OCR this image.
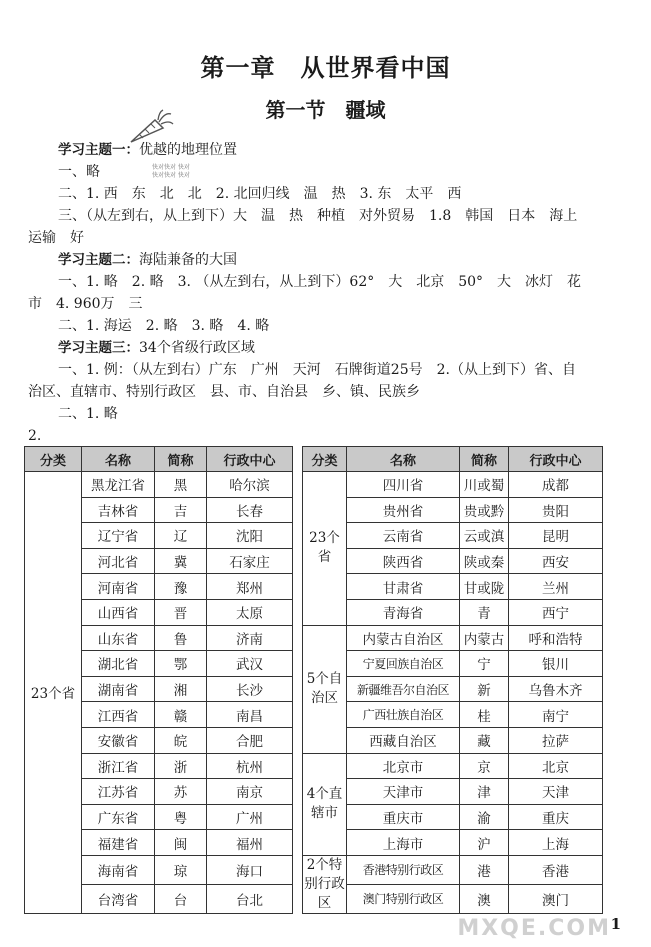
第一章　从世界看中国
第一节　疆域
快对快对 快对
快对快对 快对
学习主题一：优越的地理位置
一、略
二、1. 西　东　北　北　2. 北回归线　温　热　3. 东　太平　西
三、（从左到右，从上到下）大　温　热　种植　对外贸易　1.8　韩国　日本　海上
运输　好
学习主题二：海陆兼备的大国
一、1. 略　2. 略　3. （从左到右，从上到下）62°　大　北京　50°　大　冰灯　花
市　4. 960万　三
二、1. 海运　2. 略　3. 略　4. 略
学习主题三：34个省级行政区域
一、1. 例：（从左到右）广东　广州　天河　石牌街道25号　2.（从上到下）省、自
治区、直辖市、特别行政区　县、市、自治县　乡、镇、民族乡
二、1. 略
2.
分类	名称	简称	行政中心		分类	名称	简称	行政中心
23个省	黑龙江省	黑	哈尔滨		23个省	四川省	川或蜀	成都
	吉林省	吉	长春			贵州省	贵或黔	贵阳
	辽宁省	辽	沈阳			云南省	云或滇	昆明
	河北省	冀	石家庄			陕西省	陕或秦	西安
	河南省	豫	郑州			甘肃省	甘或陇	兰州
	山西省	晋	太原			青海省	青	西宁
	山东省	鲁	济南		5个自治区	内蒙古自治区	内蒙古	呼和浩特
	湖北省	鄂	武汉			宁夏回族自治区	宁	银川
	湖南省	湘	长沙			新疆维吾尔自治区	新	乌鲁木齐
	江西省	赣	南昌			广西壮族自治区	桂	南宁
	安徽省	皖	合肥			西藏自治区	藏	拉萨
	浙江省	浙	杭州		4个直辖市	北京市	京	北京
	江苏省	苏	南京			天津市	津	天津
	广东省	粤	广州			重庆市	渝	重庆
	福建省	闽	福州			上海市	沪	上海
	海南省	琼	海口		2个特别行政区	香港特别行政区	港	香港
	台湾省	台	台北			澳门特别行政区	澳	澳门
MXQE.COM 1
